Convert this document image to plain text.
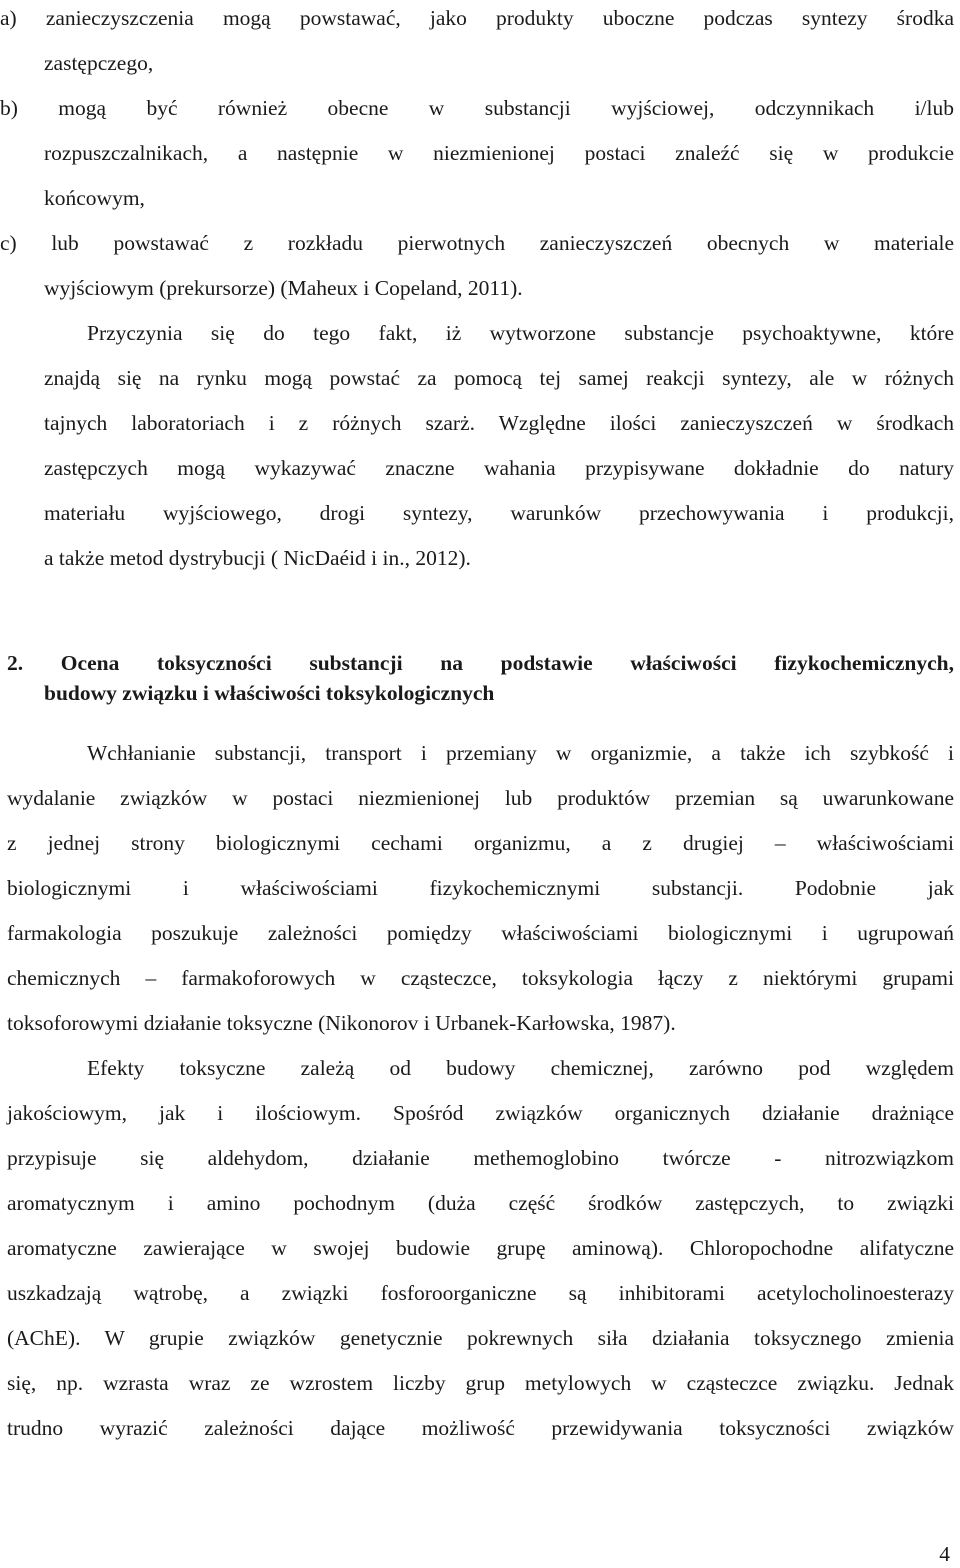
a) zanieczyszczenia mogą powstawać, jako produkty uboczne podczas syntezy środka
zastępczego,
b) mogą być również obecne w substancji wyjściowej, odczynnikach i/lub
rozpuszczalnikach, a następnie w niezmienionej postaci znaleźć się w produkcie
końcowym,
c) lub powstawać z rozkładu pierwotnych zanieczyszczeń obecnych w materiale
wyjściowym (prekursorze) (Maheux i Copeland, 2011).
Przyczynia się do tego fakt, iż wytworzone substancje psychoaktywne, które
znajdą się na rynku mogą powstać za pomocą tej samej reakcji syntezy, ale w różnych
tajnych laboratoriach i z różnych szarż. Względne ilości zanieczyszczeń w środkach
zastępczych mogą wykazywać znaczne wahania przypisywane dokładnie do natury
materiału wyjściowego, drogi syntezy, warunków przechowywania i produkcji,
a także metod dystrybucji ( NicDaéid i in., 2012).
2. Ocena toksyczności substancji na podstawie właściwości fizykochemicznych,
budowy związku i właściwości toksykologicznych
Wchłanianie substancji, transport i przemiany w organizmie, a także ich szybkość i
wydalanie związków w postaci niezmienionej lub produktów przemian są uwarunkowane
z jednej strony biologicznymi cechami organizmu, a z drugiej – właściwościami
biologicznymi i właściwościami fizykochemicznymi substancji. Podobnie jak
farmakologia poszukuje zależności pomiędzy właściwościami biologicznymi i ugrupowań
chemicznych – farmakoforowych w cząsteczce, toksykologia łączy z niektórymi grupami
toksoforowymi działanie toksyczne (Nikonorov i Urbanek-Karłowska, 1987).
Efekty toksyczne zależą od budowy chemicznej, zarówno pod względem
jakościowym, jak i ilościowym. Spośród związków organicznych działanie drażniące
przypisuje się aldehydom, działanie methemoglobino twórcze - nitrozwiązkom
aromatycznym i amino pochodnym (duża część środków zastępczych, to związki
aromatyczne zawierające w swojej budowie grupę aminową). Chloropochodne alifatyczne
uszkadzają wątrobę, a związki fosforoorganiczne są inhibitorami acetylocholinoesterazy
(AChE). W grupie związków genetycznie pokrewnych siła działania toksycznego zmienia
się, np. wzrasta wraz ze wzrostem liczby grup metylowych w cząsteczce związku. Jednak
trudno wyrazić zależności dające możliwość przewidywania toksyczności związków
4
